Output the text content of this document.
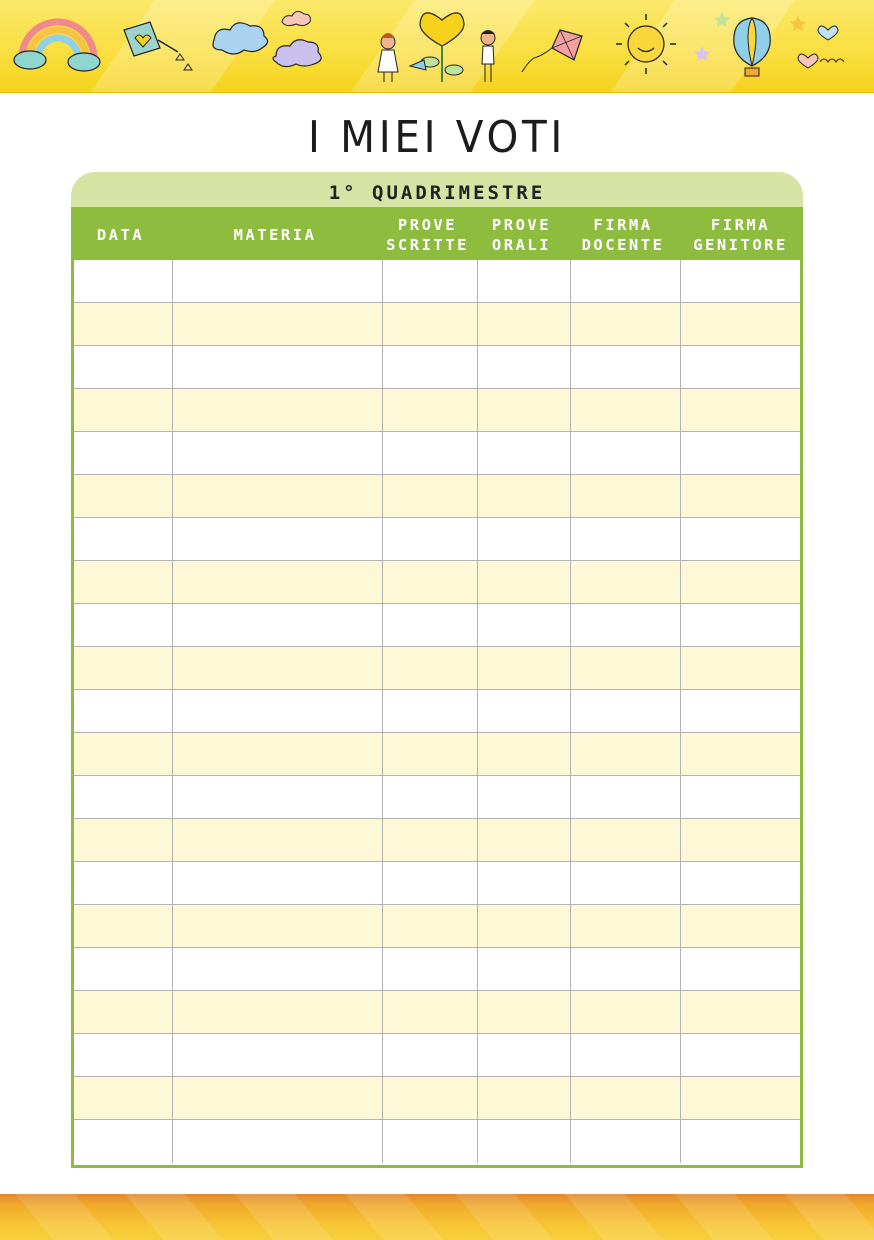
I MIEI VOTI
1° QUADRIMESTRE
DATA	MATERIA
PROVE
SCRITTE
PROVE
ORALI
FIRMA
DOCENTE
FIRMA
GENITORE
